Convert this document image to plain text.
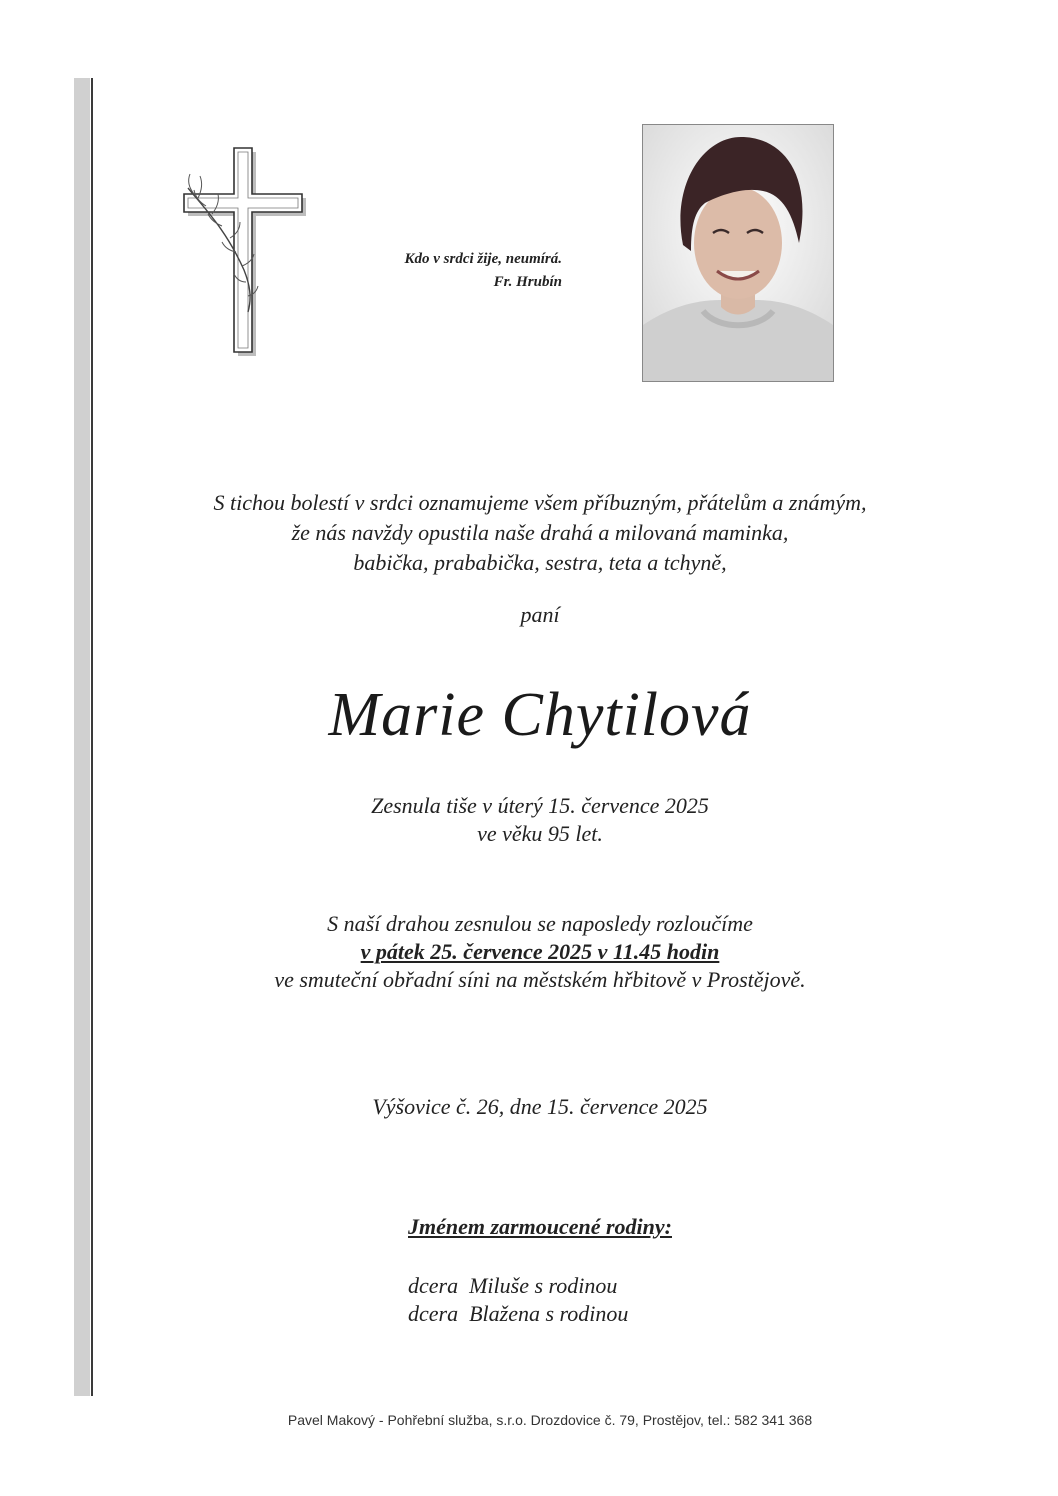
Kdo v srdci žije, neumírá.
Fr. Hrubín
S tichou bolestí v srdci oznamujeme všem příbuzným, přátelům a známým,
že nás navždy opustila naše drahá a milovaná maminka,
babička, prababička, sestra, teta a tchyně,
paní
Marie Chytilová
Zesnula tiše v úterý 15. července 2025
ve věku 95 let.
S naší drahou zesnulou se naposledy rozloučíme
v pátek 25. července 2025 v 11.45 hodin
ve smuteční obřadní síni na městském hřbitově v Prostějově.
Výšovice č. 26, dne 15. července 2025
Jménem zarmoucené rodiny:
dcera  Miluše s rodinou
dcera  Blažena s rodinou
Pavel Makový - Pohřební služba, s.r.o. Drozdovice č. 79, Prostějov, tel.: 582 341 368
